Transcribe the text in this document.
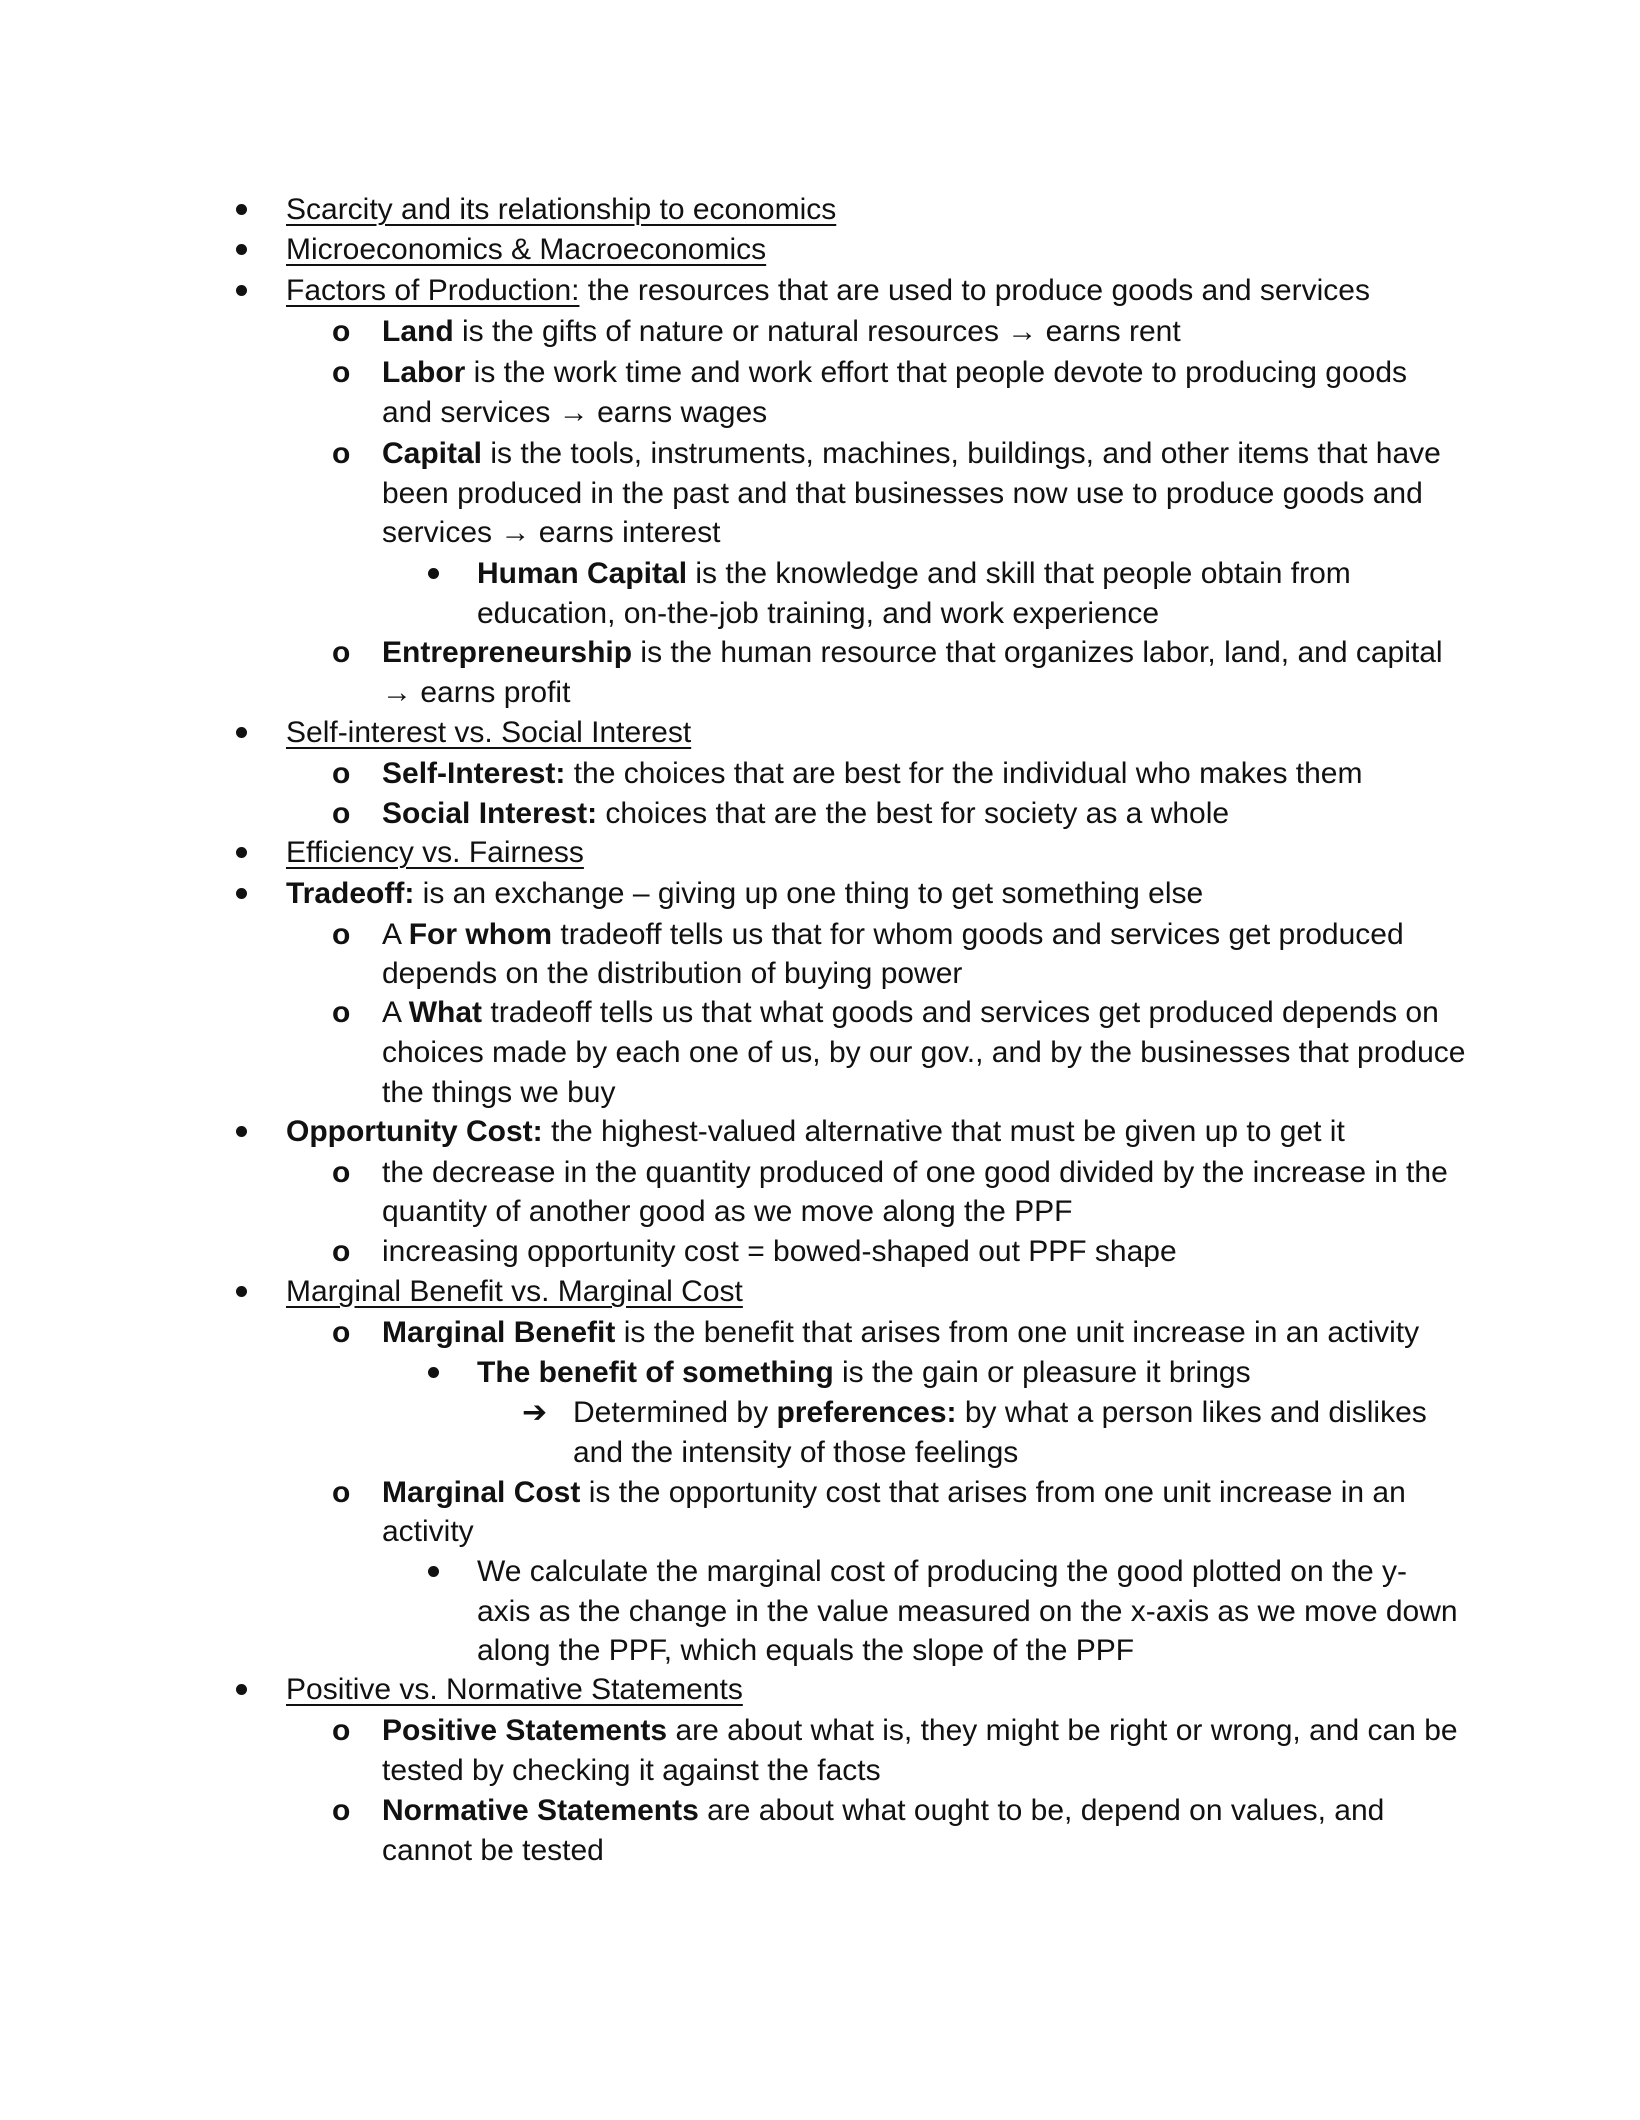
Scarcity and its relationship to economics
Microeconomics & Macroeconomics
Factors of Production: the resources that are used to produce goods and services
o Land is the gifts of nature or natural resources → earns rent
o Labor is the work time and work effort that people devote to producing goods
and services → earns wages
o Capital is the tools, instruments, machines, buildings, and other items that have
been produced in the past and that businesses now use to produce goods and
services → earns interest
Human Capital is the knowledge and skill that people obtain from
education, on-the-job training, and work experience
o Entrepreneurship is the human resource that organizes labor, land, and capital
→ earns profit
Self-interest vs. Social Interest
o Self-Interest: the choices that are best for the individual who makes them
o Social Interest: choices that are the best for society as a whole
Efficiency vs. Fairness
Tradeoff: is an exchange – giving up one thing to get something else
o A For whom tradeoff tells us that for whom goods and services get produced
depends on the distribution of buying power
o A What tradeoff tells us that what goods and services get produced depends on
choices made by each one of us, by our gov., and by the businesses that produce
the things we buy
Opportunity Cost: the highest-valued alternative that must be given up to get it
o the decrease in the quantity produced of one good divided by the increase in the
quantity of another good as we move along the PPF
o increasing opportunity cost = bowed-shaped out PPF shape
Marginal Benefit vs. Marginal Cost
o Marginal Benefit is the benefit that arises from one unit increase in an activity
The benefit of something is the gain or pleasure it brings
➔ Determined by preferences: by what a person likes and dislikes
and the intensity of those feelings
o Marginal Cost is the opportunity cost that arises from one unit increase in an
activity
We calculate the marginal cost of producing the good plotted on the y-
axis as the change in the value measured on the x-axis as we move down
along the PPF, which equals the slope of the PPF
Positive vs. Normative Statements
o Positive Statements are about what is, they might be right or wrong, and can be
tested by checking it against the facts
o Normative Statements are about what ought to be, depend on values, and
cannot be tested
